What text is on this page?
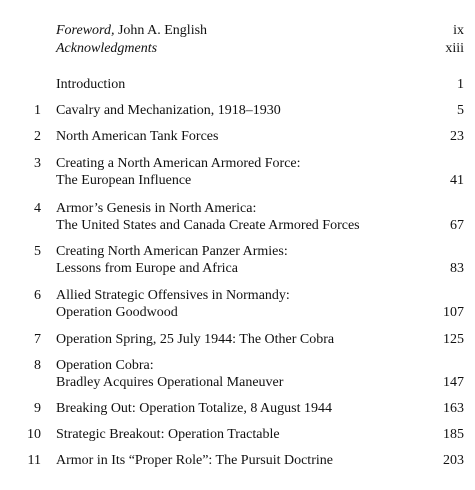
Foreword, John A. English	ix
Acknowledgments	xiii
Introduction	1
1 Cavalry and Mechanization, 1918–1930	5
2 North American Tank Forces	23
3 Creating a North American Armored Force:
The European Influence	41
4 Armor’s Genesis in North America:
The United States and Canada Create Armored Forces	67
5 Creating North American Panzer Armies:
Lessons from Europe and Africa	83
6 Allied Strategic Offensives in Normandy:
Operation Goodwood	107
7 Operation Spring, 25 July 1944: The Other Cobra	125
8 Operation Cobra:
Bradley Acquires Operational Maneuver	147
9 Breaking Out: Operation Totalize, 8 August 1944	163
10 Strategic Breakout: Operation Tractable	185
11 Armor in Its “Proper Role”: The Pursuit Doctrine	203
